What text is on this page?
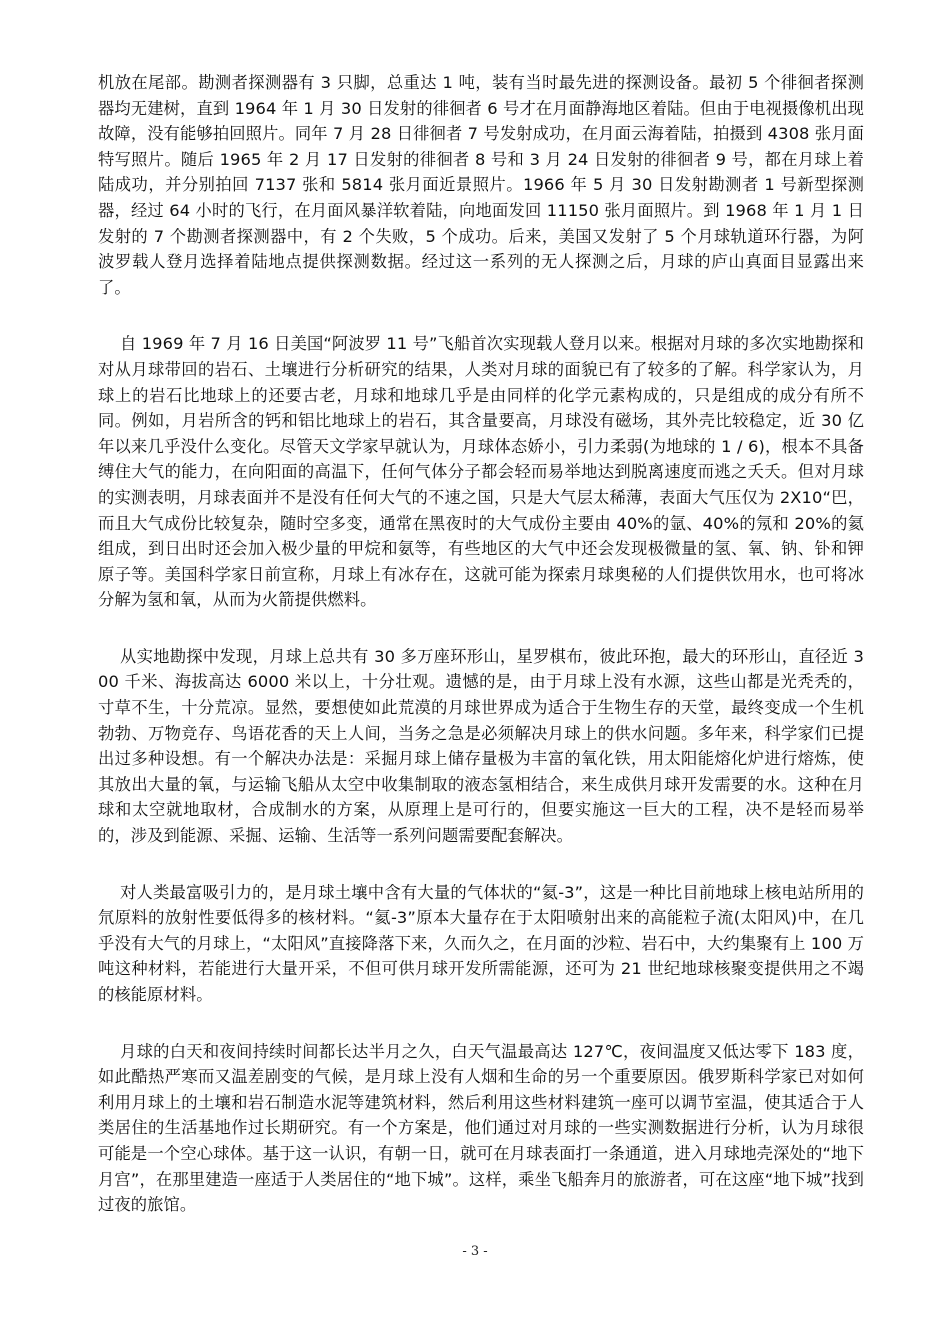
机放在尾部。勘测者探测器有 3 只脚，总重达 1 吨，装有当时最先进的探测设备。最初 5 个徘徊者探测器均无建树，直到 1964 年 1 月 30 日发射的徘徊者 6 号才在月面静海地区着陆。但由于电视摄像机出现故障，没有能够拍回照片。同年 7 月 28 日徘徊者 7 号发射成功，在月面云海着陆，拍摄到 4308 张月面特写照片。随后 1965 年 2 月 17 日发射的徘徊者 8 号和 3 月 24 日发射的徘徊者 9 号，都在月球上着陆成功，并分别拍回 7137 张和 5814 张月面近景照片。1966 年 5 月 30 日发射勘测者 1 号新型探测器，经过 64 小时的飞行，在月面风暴洋软着陆，向地面发回 11150 张月面照片。到 1968 年 1 月 1 日发射的 7 个勘测者探测器中，有 2 个失败，5 个成功。后来，美国又发射了 5 个月球轨道环行器，为阿波罗载人登月选择着陆地点提供探测数据。经过这一系列的无人探测之后，月球的庐山真面目显露出来了。

自 1969 年 7 月 16 日美国“阿波罗 11 号”飞船首次实现载人登月以来。根据对月球的多次实地勘探和对从月球带回的岩石、土壤进行分析研究的结果，人类对月球的面貌已有了较多的了解。科学家认为，月球上的岩石比地球上的还要古老，月球和地球几乎是由同样的化学元素构成的，只是组成的成分有所不同。例如，月岩所含的钙和铝比地球上的岩石，其含量要高，月球没有磁场，其外壳比较稳定，近 30 亿年以来几乎没什么变化。尽管天文学家早就认为，月球体态娇小，引力柔弱(为地球的 1 / 6)，根本不具备缚住大气的能力，在向阳面的高温下，任何气体分子都会轻而易举地达到脱离速度而逃之夭夭。但对月球的实测表明，月球表面并不是没有任何大气的不速之国，只是大气层太稀薄，表面大气压仅为 2X10“巴，而且大气成份比较复杂，随时空多变，通常在黑夜时的大气成份主要由 40%的氩、40%的氖和 20%的氦组成，到日出时还会加入极少量的甲烷和氨等，有些地区的大气中还会发现极微量的氢、氧、钠、钋和钾原子等。美国科学家日前宣称，月球上有冰存在，这就可能为探索月球奥秘的人们提供饮用水，也可将冰分解为氢和氧，从而为火箭提供燃料。

从实地勘探中发现，月球上总共有 30 多万座环形山，星罗棋布，彼此环抱，最大的环形山，直径近 300 千米、海拔高达 6000 米以上，十分壮观。遗憾的是，由于月球上没有水源，这些山都是光秃秃的，寸草不生，十分荒凉。显然，要想使如此荒漠的月球世界成为适合于生物生存的天堂，最终变成一个生机勃勃、万物竞存、鸟语花香的天上人间，当务之急是必须解决月球上的供水问题。多年来，科学家们已提出过多种设想。有一个解决办法是：采掘月球上储存量极为丰富的氧化铁，用太阳能熔化炉进行熔炼，使其放出大量的氧，与运输飞船从太空中收集制取的液态氢相结合，来生成供月球开发需要的水。这种在月球和太空就地取材，合成制水的方案，从原理上是可行的，但要实施这一巨大的工程，决不是轻而易举的，涉及到能源、采掘、运输、生活等一系列问题需要配套解决。

对人类最富吸引力的，是月球土壤中含有大量的气体状的“氦-3”，这是一种比目前地球上核电站所用的氘原料的放射性要低得多的核材料。“氦-3”原本大量存在于太阳喷射出来的高能粒子流(太阳风)中，在几乎没有大气的月球上，“太阳风”直接降落下来，久而久之，在月面的沙粒、岩石中，大约集聚有上 100 万吨这种材料，若能进行大量开采，不但可供月球开发所需能源，还可为 21 世纪地球核聚变提供用之不竭的核能原材料。

月球的白天和夜间持续时间都长达半月之久，白天气温最高达 127℃，夜间温度又低达零下 183 度，如此酷热严寒而又温差剧变的气候，是月球上没有人烟和生命的另一个重要原因。俄罗斯科学家已对如何利用月球上的土壤和岩石制造水泥等建筑材料，然后利用这些材料建筑一座可以调节室温，使其适合于人类居住的生活基地作过长期研究。有一个方案是，他们通过对月球的一些实测数据进行分析，认为月球很可能是一个空心球体。基于这一认识，有朝一日，就可在月球表面打一条通道，进入月球地壳深处的“地下月宫”，在那里建造一座适于人类居住的“地下城”。这样，乘坐飞船奔月的旅游者，可在这座“地下城”找到过夜的旅馆。

- 3 -
